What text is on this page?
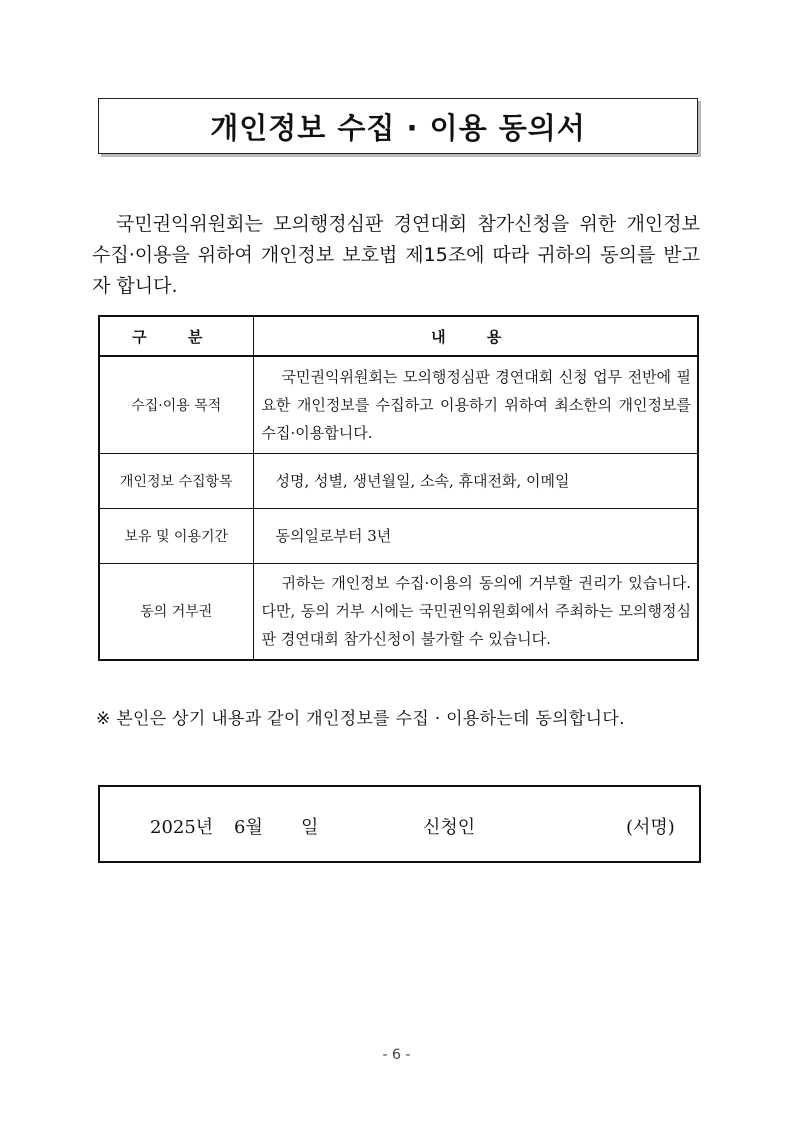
개인정보 수집 · 이용 동의서

국민권익위원회는 모의행정심판 경연대회 참가신청을 위한 개인정보 수집·이용을 위하여 개인정보 보호법 제15조에 따라 귀하의 동의를 받고자 합니다.

구 분	내 용
수집·이용 목적	국민권익위원회는 모의행정심판 경연대회 신청 업무 전반에 필요한 개인정보를 수집하고 이용하기 위하여 최소한의 개인정보를 수집·이용합니다.
개인정보 수집항목	성명, 성별, 생년월일, 소속, 휴대전화, 이메일
보유 및 이용기간	동의일로부터 3년
동의 거부권	귀하는 개인정보 수집·이용의 동의에 거부할 권리가 있습니다. 다만, 동의 거부 시에는 국민권익위원회에서 주최하는 모의행정심판 경연대회 참가신청이 불가할 수 있습니다.
※ 본인은 상기 내용과 같이 개인정보를 수집 · 이용하는데 동의합니다.
2025년 6월 일	신청인	(서명)
- 6 -
